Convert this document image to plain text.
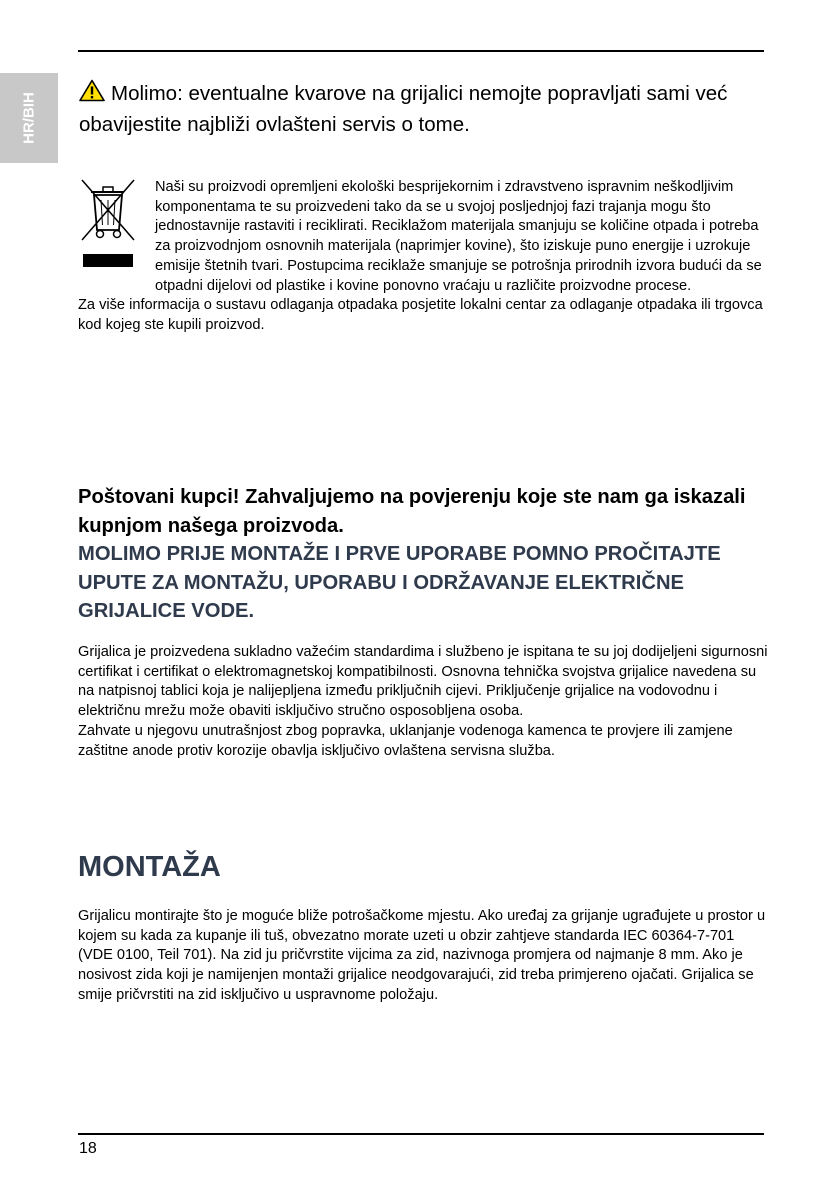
HR/BIH	Molimo: eventualne kvarove na grijalici nemojte popravljati sami već obavijestite najbliži ovlašteni servis o tome.

Naši su proizvodi opremljeni ekološki besprijekornim i zdravstveno ispravnim neškodljivim komponentama te su proizvedeni tako da se u svojoj posljednjoj fazi trajanja mogu što jednostavnije rastaviti i reciklirati. Reciklažom materijala smanjuju se količine otpada i potreba za proizvodnjom osnovnih materijala (naprimjer kovine), što iziskuje puno energije i uzrokuje emisije štetnih tvari. Postupcima reciklaže smanjuje se potrošnja prirodnih izvora budući da se otpadni dijelovi od plastike i kovine ponovno vraćaju u različite proizvodne procese.

Za više informacija o sustavu odlaganja otpadaka posjetite lokalni centar za odlaganje otpadaka ili trgovca kod kojeg ste kupili proizvod.

Poštovani kupci! Zahvaljujemo na povjerenju koje ste nam ga iskazali kupnjom našega proizvoda.

MOLIMO PRIJE MONTAŽE I PRVE UPORABE POMNO PROČITAJTE UPUTE ZA MONTAŽU, UPORABU I ODRŽAVANJE ELEKTRIČNE GRIJALICE VODE.

Grijalica je proizvedena sukladno važećim standardima i službeno je ispitana te su joj dodijeljeni sigurnosni certifikat i certifikat o elektromagnetskoj kompatibilnosti. Osnovna tehnička svojstva grijalice navedena su na natpisnoj tablici koja je nalijepljena između priključnih cijevi. Priključenje grijalice na vodovodnu i električnu mrežu može obaviti isključivo stručno osposobljena osoba.

Zahvate u njegovu unutrašnjost zbog popravka, uklanjanje vodenoga kamenca te provjere ili zamjene zaštitne anode protiv korozije obavlja isključivo ovlaštena servisna služba.

MONTAŽA

Grijalicu montirajte što je moguće bliže potrošačkome mjestu. Ako uređaj za grijanje ugrađujete u prostor u kojem su kada za kupanje ili tuš, obvezatno morate uzeti u obzir zahtjeve standarda IEC 60364-7-701 (VDE 0100, Teil 701). Na zid ju pričvrstite vijcima za zid, nazivnoga promjera od najmanje 8 mm. Ako je nosivost zida koji je namijenjen montaži grijalice neodgovarajući, zid treba primjereno ojačati. Grijalica se smije pričvrstiti na zid isključivo u uspravnome položaju.

18
